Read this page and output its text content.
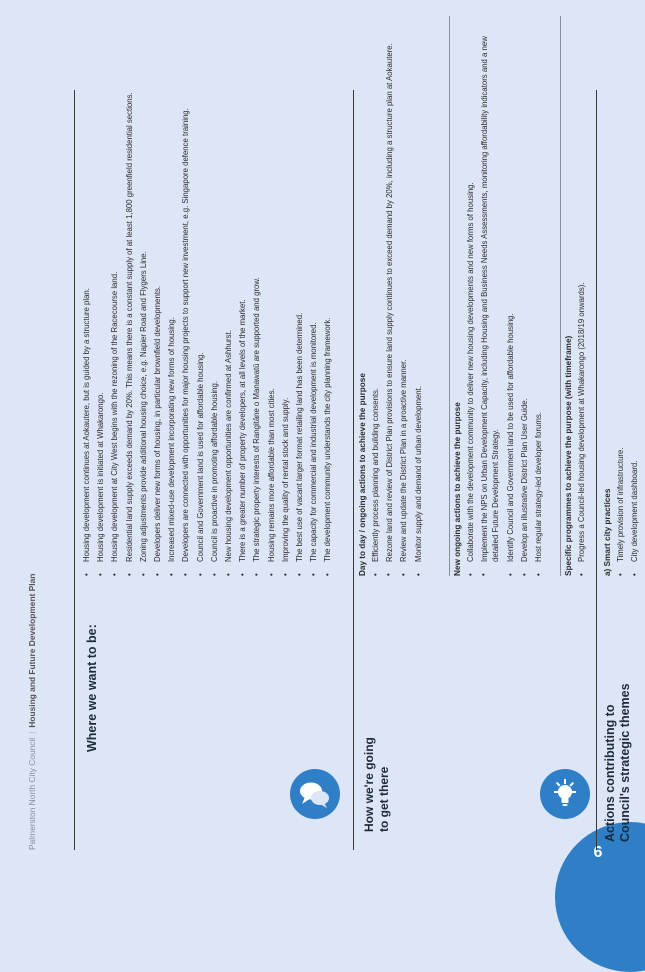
6
Palmerston North City Council|Housing and Future Development Plan	Where we want to be:
• Housing development continues at Aokautere, but is guided by a structure plan. • Housing development is initiated at Whakarongo. • Housing development at City West begins with the rezoning of the Racecourse land. • Residential land supply exceeds demand by 20%. This means there is a constant supply of at least 1,800 greenfield residential sections. • Zoning adjustments provide additional housing choice, e.g. Napier Road and Flygers Line. • Developers deliver new forms of housing, in particular brownfield developments. • Increased mixed-use development incorporating new forms of housing. • Developers are connected with opportunities for major housing projects to support new investment, e.g. Singapore defence training. • Council and Government land is used for affordable housing. • Council is proactive in promoting affordable housing. • New housing development opportunities are confirmed at Ashhurst. • There is a greater number of property developers, at all levels of the market. • The strategic property interests of Rangitāne o Manawatū are supported and grow. • Housing remains more affordable than most cities. • Improving the quality of rental stock and supply. • The best use of vacant larger format retailing land has been determined. • The capacity for commercial and industrial development is monitored. • The development community understands the city planning framework.
How we're going to get there
Day to day / ongoing actions to achieve the purpose • Efficiently process planning and building consents. • Rezone land and review of District Plan provisions to ensure land supply continues to exceed demand by 20%, including a structure plan at Aokautere. • Review and update the District Plan in a proactive manner. • Monitor supply and demand of urban development.	New ongoing actions to achieve the purpose • Collaborate with the development community to deliver new housing developments and new forms of housing. • Implement the NPS on Urban Development Capacity, including Housing and Business Needs Assessments, monitoring affordability indicators and a new detailed Future Development Strategy. • Identify Council and Government land to be used for affordable housing. • Develop an illustrative District Plan User Guide. • Host regular strategy-led developer forums.	Specific programmes to achieve the purpose (with timeframe) • Progress a Council-led housing development at Whakarongo (2018/19 onwards).
Actions contributing to Council's strategic themes
a) Smart city practices • Timely provision of infrastructure. • City development dashboard.
